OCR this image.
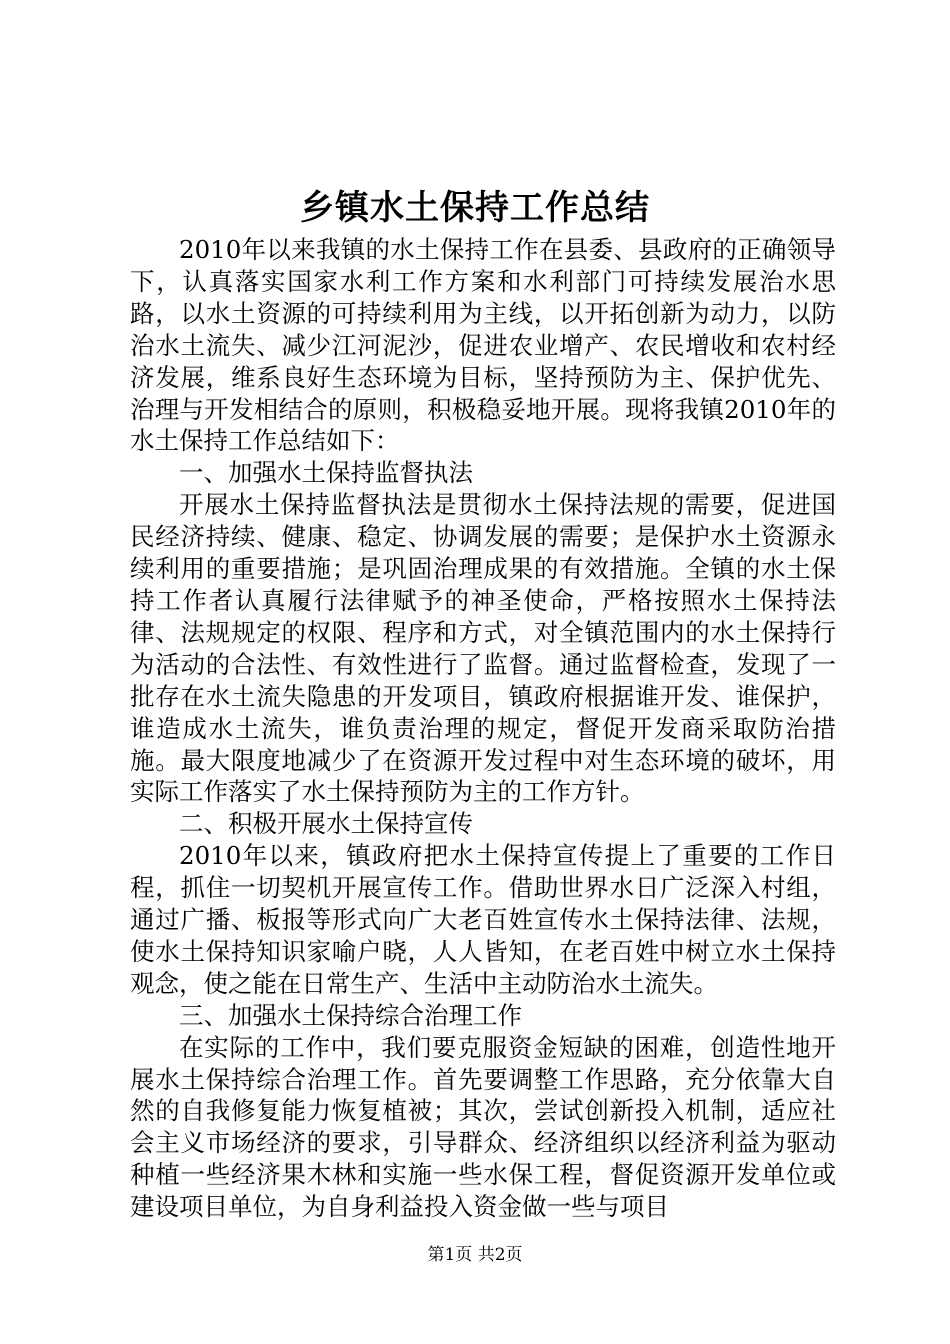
乡镇水土保持工作总结

2010年以来我镇的水土保持工作在县委、县政府的正确领导下，认真落实国家水利工作方案和水利部门可持续发展治水思路，以水土资源的可持续利用为主线，以开拓创新为动力，以防治水土流失、减少江河泥沙，促进农业增产、农民增收和农村经济发展，维系良好生态环境为目标，坚持预防为主、保护优先、治理与开发相结合的原则，积极稳妥地开展。现将我镇2010年的水土保持工作总结如下：

一、加强水土保持监督执法

开展水土保持监督执法是贯彻水土保持法规的需要，促进国民经济持续、健康、稳定、协调发展的需要；是保护水土资源永续利用的重要措施；是巩固治理成果的有效措施。全镇的水土保持工作者认真履行法律赋予的神圣使命，严格按照水土保持法律、法规规定的权限、程序和方式，对全镇范围内的水土保持行为活动的合法性、有效性进行了监督。通过监督检查，发现了一批存在水土流失隐患的开发项目，镇政府根据谁开发、谁保护，谁造成水土流失，谁负责治理的规定，督促开发商采取防治措施。最大限度地减少了在资源开发过程中对生态环境的破坏，用实际工作落实了水土保持预防为主的工作方针。

二、积极开展水土保持宣传

2010年以来，镇政府把水土保持宣传提上了重要的工作日程，抓住一切契机开展宣传工作。借助世界水日广泛深入村组，通过广播、板报等形式向广大老百姓宣传水土保持法律、法规，使水土保持知识家喻户晓，人人皆知，在老百姓中树立水土保持观念，使之能在日常生产、生活中主动防治水土流失。

三、加强水土保持综合治理工作

在实际的工作中，我们要克服资金短缺的困难，创造性地开展水土保持综合治理工作。首先要调整工作思路，充分依靠大自然的自我修复能力恢复植被；其次，尝试创新投入机制，适应社会主义市场经济的要求，引导群众、经济组织以经济利益为驱动种植一些经济果木林和实施一些水保工程，督促资源开发单位或建设项目单位，为自身利益投入资金做一些与项目

第1页 共2页
